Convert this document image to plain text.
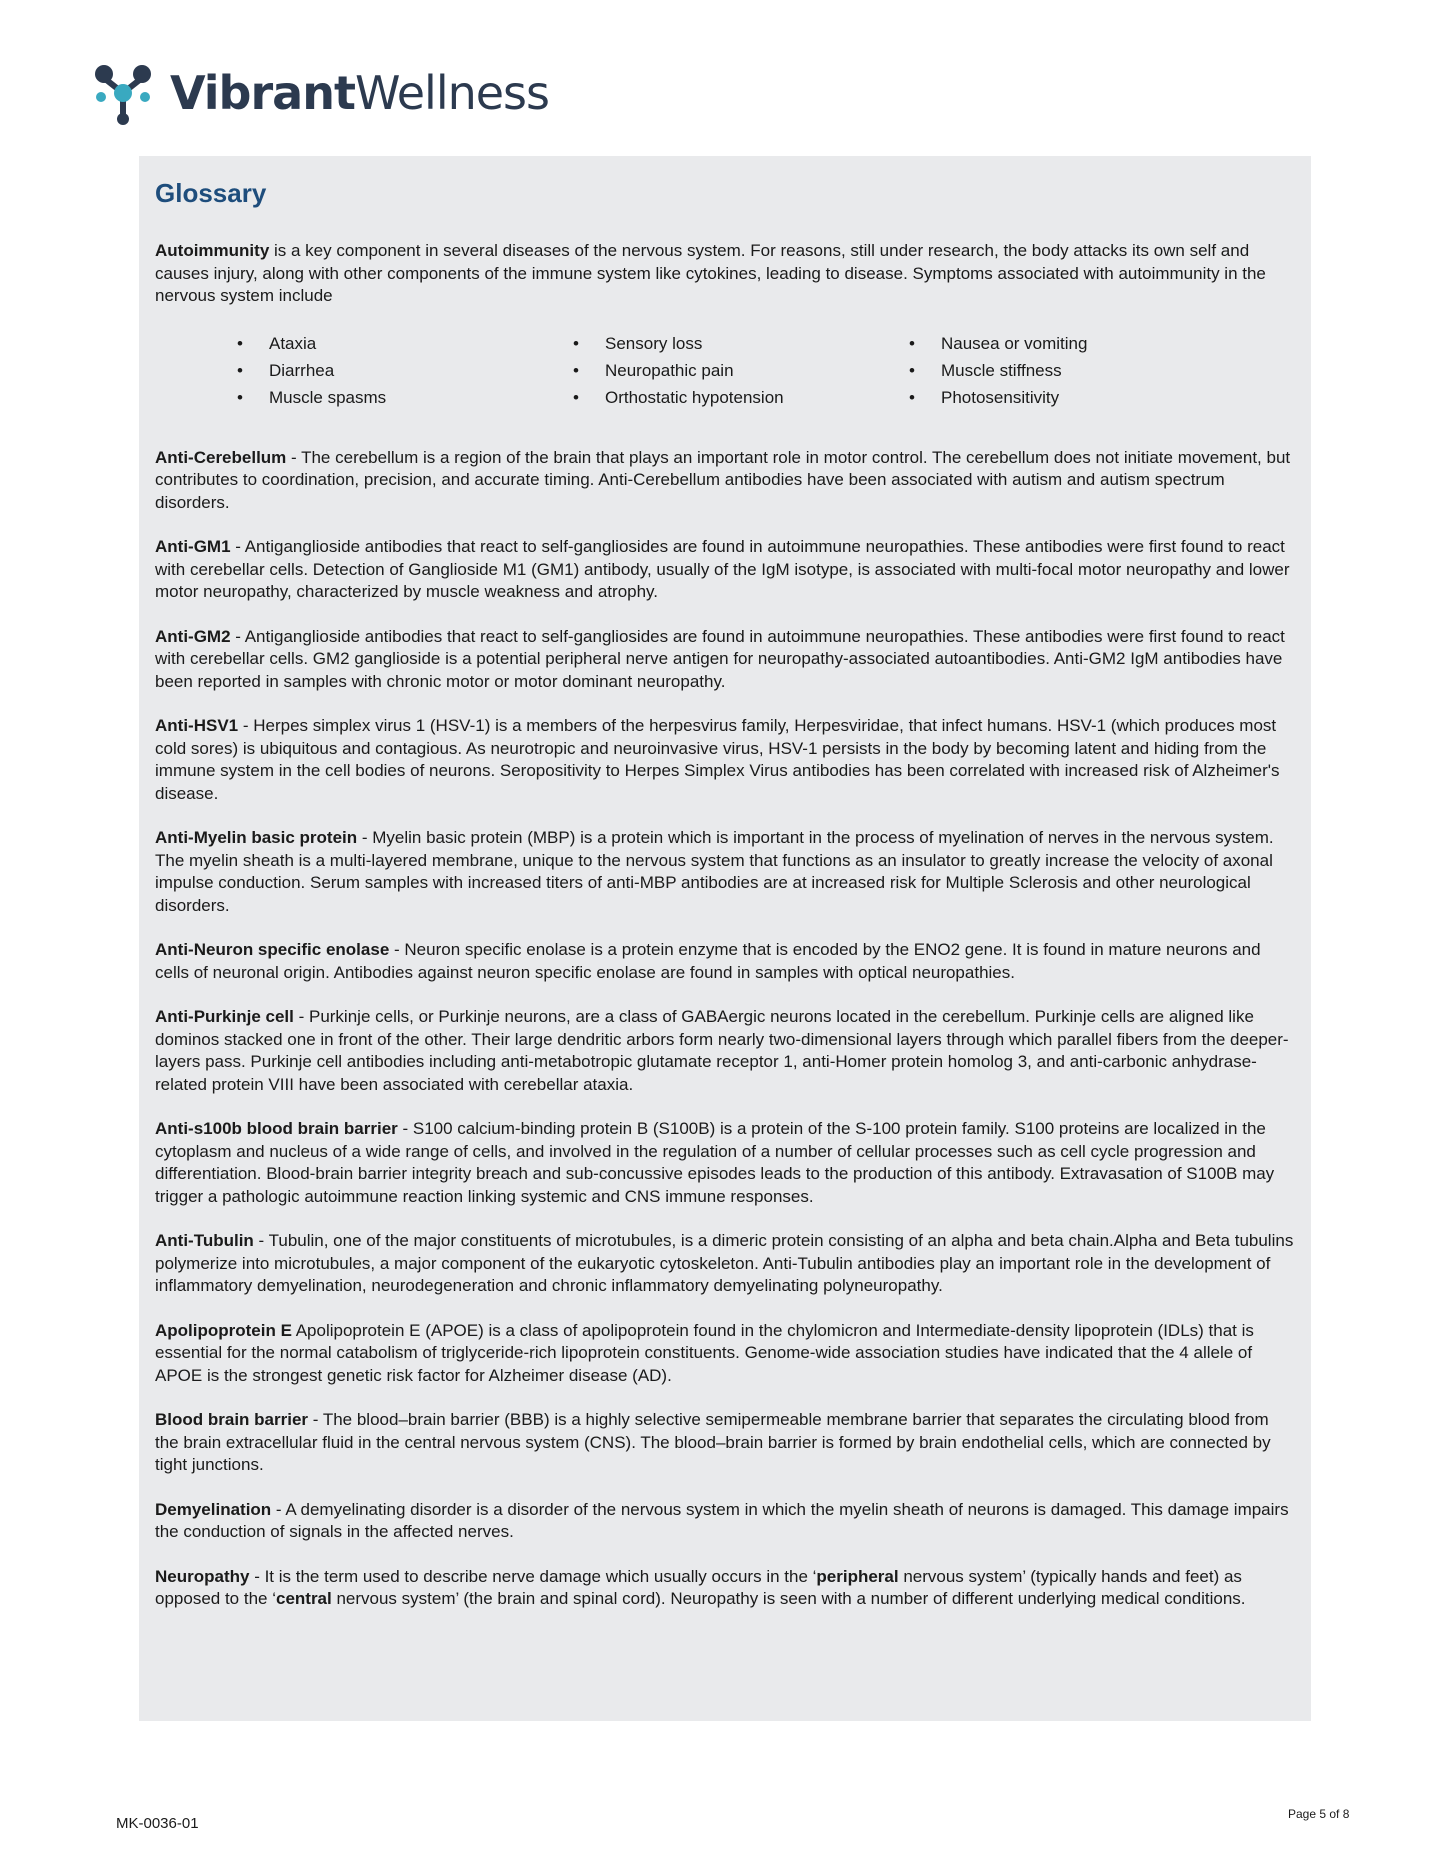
VibrantWellness
Glossary

Autoimmunity is a key component in several diseases of the nervous system. For reasons, still under research, the body attacks its own self and causes injury, along with other components of the immune system like cytokines, leading to disease. Symptoms associated with autoimmunity in the nervous system include

•	Ataxia	•	Sensory loss	•	Nausea or vomiting
•	Diarrhea	•	Neuropathic pain	•	Muscle stiffness
•	Muscle spasms	•	Orthostatic hypotension	•	Photosensitivity

Anti-Cerebellum - The cerebellum is a region of the brain that plays an important role in motor control. The cerebellum does not initiate movement, but contributes to coordination, precision, and accurate timing. Anti-Cerebellum antibodies have been associated with autism and autism spectrum disorders.

Anti-GM1 - Antiganglioside antibodies that react to self-gangliosides are found in autoimmune neuropathies. These antibodies were first found to react with cerebellar cells. Detection of Ganglioside M1 (GM1) antibody, usually of the IgM isotype, is associated with multi-focal motor neuropathy and lower motor neuropathy, characterized by muscle weakness and atrophy.

Anti-GM2 - Antiganglioside antibodies that react to self-gangliosides are found in autoimmune neuropathies. These antibodies were first found to react with cerebellar cells. GM2 ganglioside is a potential peripheral nerve antigen for neuropathy-associated autoantibodies. Anti-GM2 IgM antibodies have been reported in samples with chronic motor or motor dominant neuropathy.

Anti-HSV1 - Herpes simplex virus 1 (HSV-1) is a members of the herpesvirus family, Herpesviridae, that infect humans. HSV-1 (which produces most cold sores) is ubiquitous and contagious. As neurotropic and neuroinvasive virus, HSV-1 persists in the body by becoming latent and hiding from the immune system in the cell bodies of neurons. Seropositivity to Herpes Simplex Virus antibodies has been correlated with increased risk of Alzheimer's disease.

Anti-Myelin basic protein - Myelin basic protein (MBP) is a protein which is important in the process of myelination of nerves in the nervous system. The myelin sheath is a multi-layered membrane, unique to the nervous system that functions as an insulator to greatly increase the velocity of axonal impulse conduction. Serum samples with increased titers of anti-MBP antibodies are at increased risk for Multiple Sclerosis and other neurological disorders.

Anti-Neuron specific enolase - Neuron specific enolase is a protein enzyme that is encoded by the ENO2 gene. It is found in mature neurons and cells of neuronal origin. Antibodies against neuron specific enolase are found in samples with optical neuropathies.

Anti-Purkinje cell - Purkinje cells, or Purkinje neurons, are a class of GABAergic neurons located in the cerebellum. Purkinje cells are aligned like dominos stacked one in front of the other. Their large dendritic arbors form nearly two-dimensional layers through which parallel fibers from the deeper-layers pass. Purkinje cell antibodies including anti-metabotropic glutamate receptor 1, anti-Homer protein homolog 3, and anti-carbonic anhydrase-related protein VIII have been associated with cerebellar ataxia.

Anti-s100b blood brain barrier - S100 calcium-binding protein B (S100B) is a protein of the S-100 protein family. S100 proteins are localized in the cytoplasm and nucleus of a wide range of cells, and involved in the regulation of a number of cellular processes such as cell cycle progression and differentiation. Blood-brain barrier integrity breach and sub-concussive episodes leads to the production of this antibody. Extravasation of S100B may trigger a pathologic autoimmune reaction linking systemic and CNS immune responses.

Anti-Tubulin - Tubulin, one of the major constituents of microtubules, is a dimeric protein consisting of an alpha and beta chain.Alpha and Beta tubulins polymerize into microtubules, a major component of the eukaryotic cytoskeleton. Anti-Tubulin antibodies play an important role in the development of inflammatory demyelination, neurodegeneration and chronic inflammatory demyelinating polyneuropathy.

Apolipoprotein E Apolipoprotein E (APOE) is a class of apolipoprotein found in the chylomicron and Intermediate-density lipoprotein (IDLs) that is essential for the normal catabolism of triglyceride-rich lipoprotein constituents. Genome-wide association studies have indicated that the 4 allele of APOE is the strongest genetic risk factor for Alzheimer disease (AD).

Blood brain barrier - The blood–brain barrier (BBB) is a highly selective semipermeable membrane barrier that separates the circulating blood from the brain extracellular fluid in the central nervous system (CNS). The blood–brain barrier is formed by brain endothelial cells, which are connected by tight junctions.

Demyelination - A demyelinating disorder is a disorder of the nervous system in which the myelin sheath of neurons is damaged. This damage impairs the conduction of signals in the affected nerves.

Neuropathy - It is the term used to describe nerve damage which usually occurs in the ‘peripheral nervous system’ (typically hands and feet) as opposed to the ‘central nervous system’ (the brain and spinal cord). Neuropathy is seen with a number of different underlying medical conditions.

MK-0036-01
Page 5 of 8
